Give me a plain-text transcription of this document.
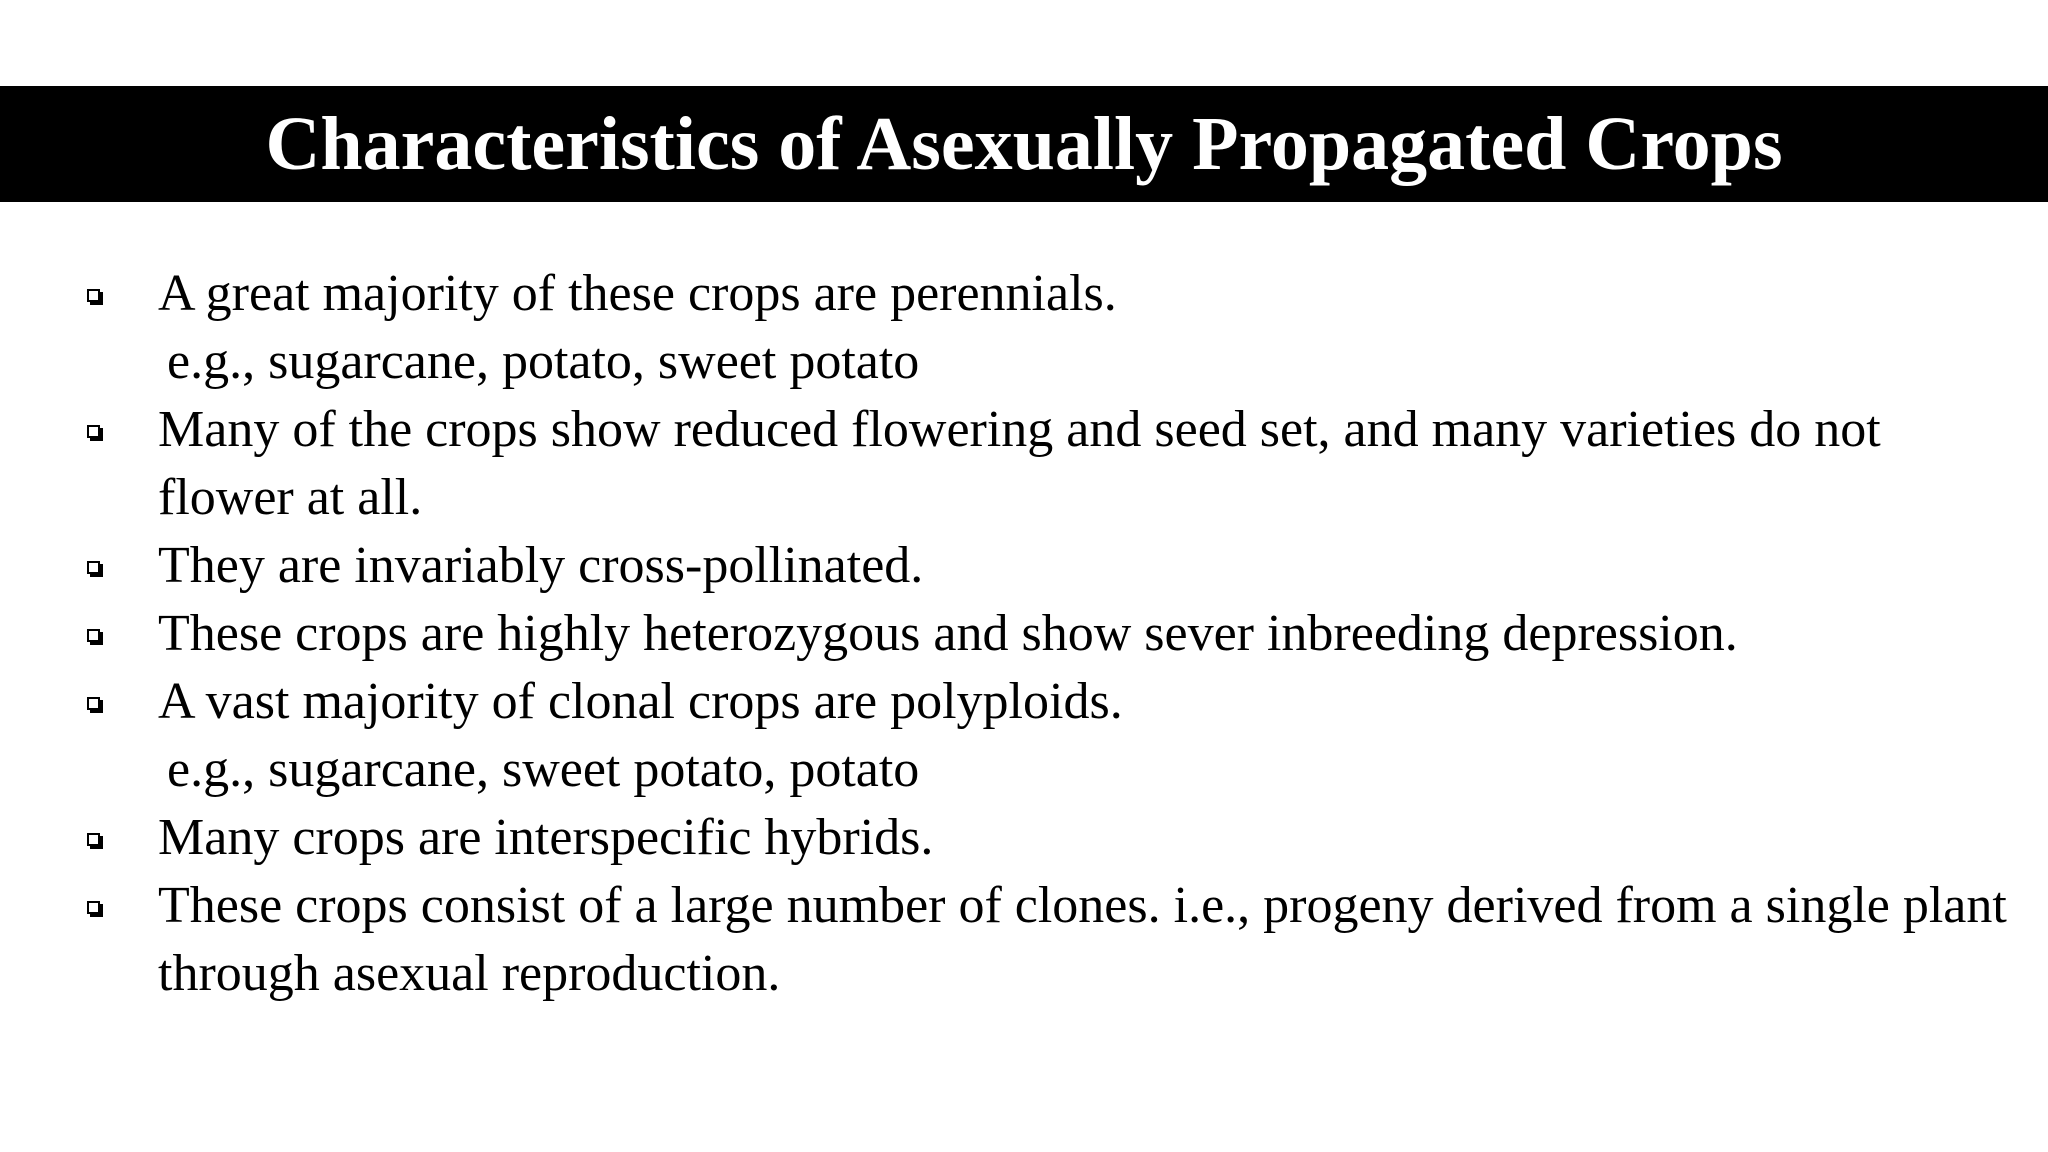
Characteristics of Asexually Propagated Crops
A great majority of these crops are perennials.
e.g., sugarcane, potato, sweet potato
Many of the crops show reduced flowering and seed set, and many varieties do not flower at all.
They are invariably cross-pollinated.
These crops are highly heterozygous and show sever inbreeding depression.
A vast majority of clonal crops are polyploids.
e.g., sugarcane, sweet potato, potato
Many crops are interspecific hybrids.
These crops consist of a large number of clones. i.e., progeny derived from a single plant through asexual reproduction.
